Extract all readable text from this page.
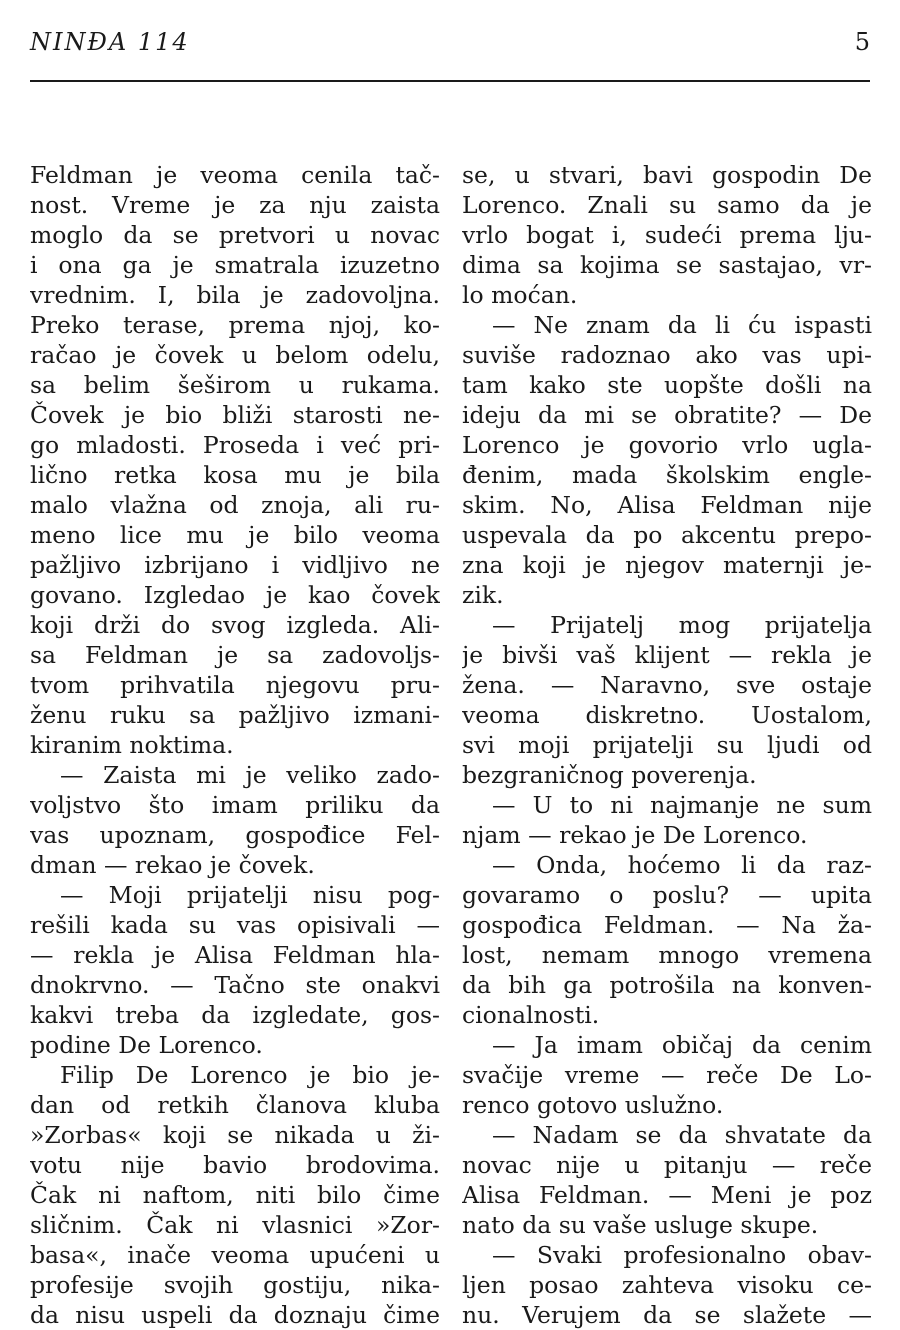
NINĐA 114	5
Feldman je veoma cenila tač-
nost. Vreme je za nju zaista
moglo da se pretvori u novac
i ona ga je smatrala izuzetno
vrednim. I, bila je zadovoljna.
Preko terase, prema njoj, ko-
račao je čovek u belom odelu,
sa belim šeširom u rukama.
Čovek je bio bliži starosti ne-
go mladosti. Proseda i već pri-
lično retka kosa mu je bila
malo vlažna od znoja, ali ru-
meno lice mu je bilo veoma
pažljivo izbrijano i vidljivo ne
govano. Izgledao je kao čovek
koji drži do svog izgleda. Ali-
sa Feldman je sa zadovoljs-
tvom prihvatila njegovu pru-
ženu ruku sa pažljivo izmani-
kiranim noktima.
— Zaista mi je veliko zado-
voljstvo što imam priliku da
vas upoznam, gospođice Fel-
dman — rekao je čovek.
— Moji prijatelji nisu pog-
rešili kada su vas opisivali —
— rekla je Alisa Feldman hla-
dnokrvno. — Tačno ste onakvi
kakvi treba da izgledate, gos-
podine De Lorenco.
Filip De Lorenco je bio je-
dan od retkih članova kluba
»Zorbas« koji se nikada u ži-
votu nije bavio brodovima.
Čak ni naftom, niti bilo čime
sličnim. Čak ni vlasnici »Zor-
basa«, inače veoma upućeni u
profesije svojih gostiju, nika-
da nisu uspeli da doznaju čime
se, u stvari, bavi gospodin De
Lorenco. Znali su samo da je
vrlo bogat i, sudeći prema lju-
dima sa kojima se sastajao, vr-
lo moćan.
— Ne znam da li ću ispasti
suviše radoznao ako vas upi-
tam kako ste uopšte došli na
ideju da mi se obratite? — De
Lorenco je govorio vrlo ugla-
đenim, mada školskim engle-
skim. No, Alisa Feldman nije
uspevala da po akcentu prepo-
zna koji je njegov maternji je-
zik.
— Prijatelj mog prijatelja
je bivši vaš klijent — rekla je
žena. — Naravno, sve ostaje
veoma diskretno. Uostalom,
svi moji prijatelji su ljudi od
bezgraničnog poverenja.
— U to ni najmanje ne sum
njam — rekao je De Lorenco.
— Onda, hoćemo li da raz-
govaramo o poslu? — upita
gospođica Feldman. — Na ža-
lost, nemam mnogo vremena
da bih ga potrošila na konven-
cionalnosti.
— Ja imam običaj da cenim
svačije vreme — reče De Lo-
renco gotovo uslužno.
— Nadam se da shvatate da
novac nije u pitanju — reče
Alisa Feldman. — Meni je poz
nato da su vaše usluge skupe.
— Svaki profesionalno obav-
ljen posao zahteva visoku ce-
nu. Verujem da se slažete —
